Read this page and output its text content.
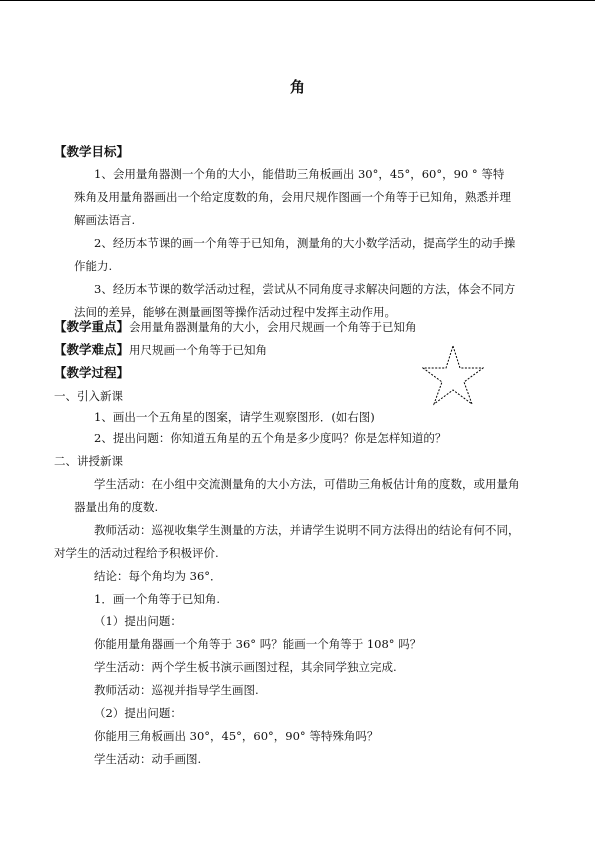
角
【教学目标】
1、会用量角器测一个角的大小，能借助三角板画出 30°，45°，60°，90 ° 等特
殊角及用量角器画出一个给定度数的角，会用尺规作图画一个角等于已知角，熟悉并理
解画法语言.
2、经历本节课的画一个角等于已知角，测量角的大小数学活动，提高学生的动手操
作能力.
3、经历本节课的数学活动过程，尝试从不同角度寻求解决问题的方法，体会不同方
法间的差异，能够在测量画图等操作活动过程中发挥主动作用。
【教学重点】会用量角器测量角的大小，会用尺规画一个角等于已知角
【教学难点】用尺规画一个角等于已知角
【教学过程】
一、引入新课
1、画出一个五角星的图案，请学生观察图形．(如右图)
2、提出问题：你知道五角星的五个角是多少度吗？你是怎样知道的？
二、讲授新课
学生活动：在小组中交流测量角的大小方法，可借助三角板估计角的度数，或用量角
器量出角的度数.
教师活动：巡视收集学生测量的方法，并请学生说明不同方法得出的结论有何不同，
对学生的活动过程给予积极评价.
结论：每个角均为 36°．
1．画一个角等于已知角.
（1）提出问题：
你能用量角器画一个角等于 36° 吗？能画一个角等于 108° 吗？
学生活动：两个学生板书演示画图过程，其余同学独立完成.
教师活动：巡视并指导学生画图.
（2）提出问题：
你能用三角板画出 30°，45°，60°，90° 等特殊角吗？
学生活动：动手画图.
